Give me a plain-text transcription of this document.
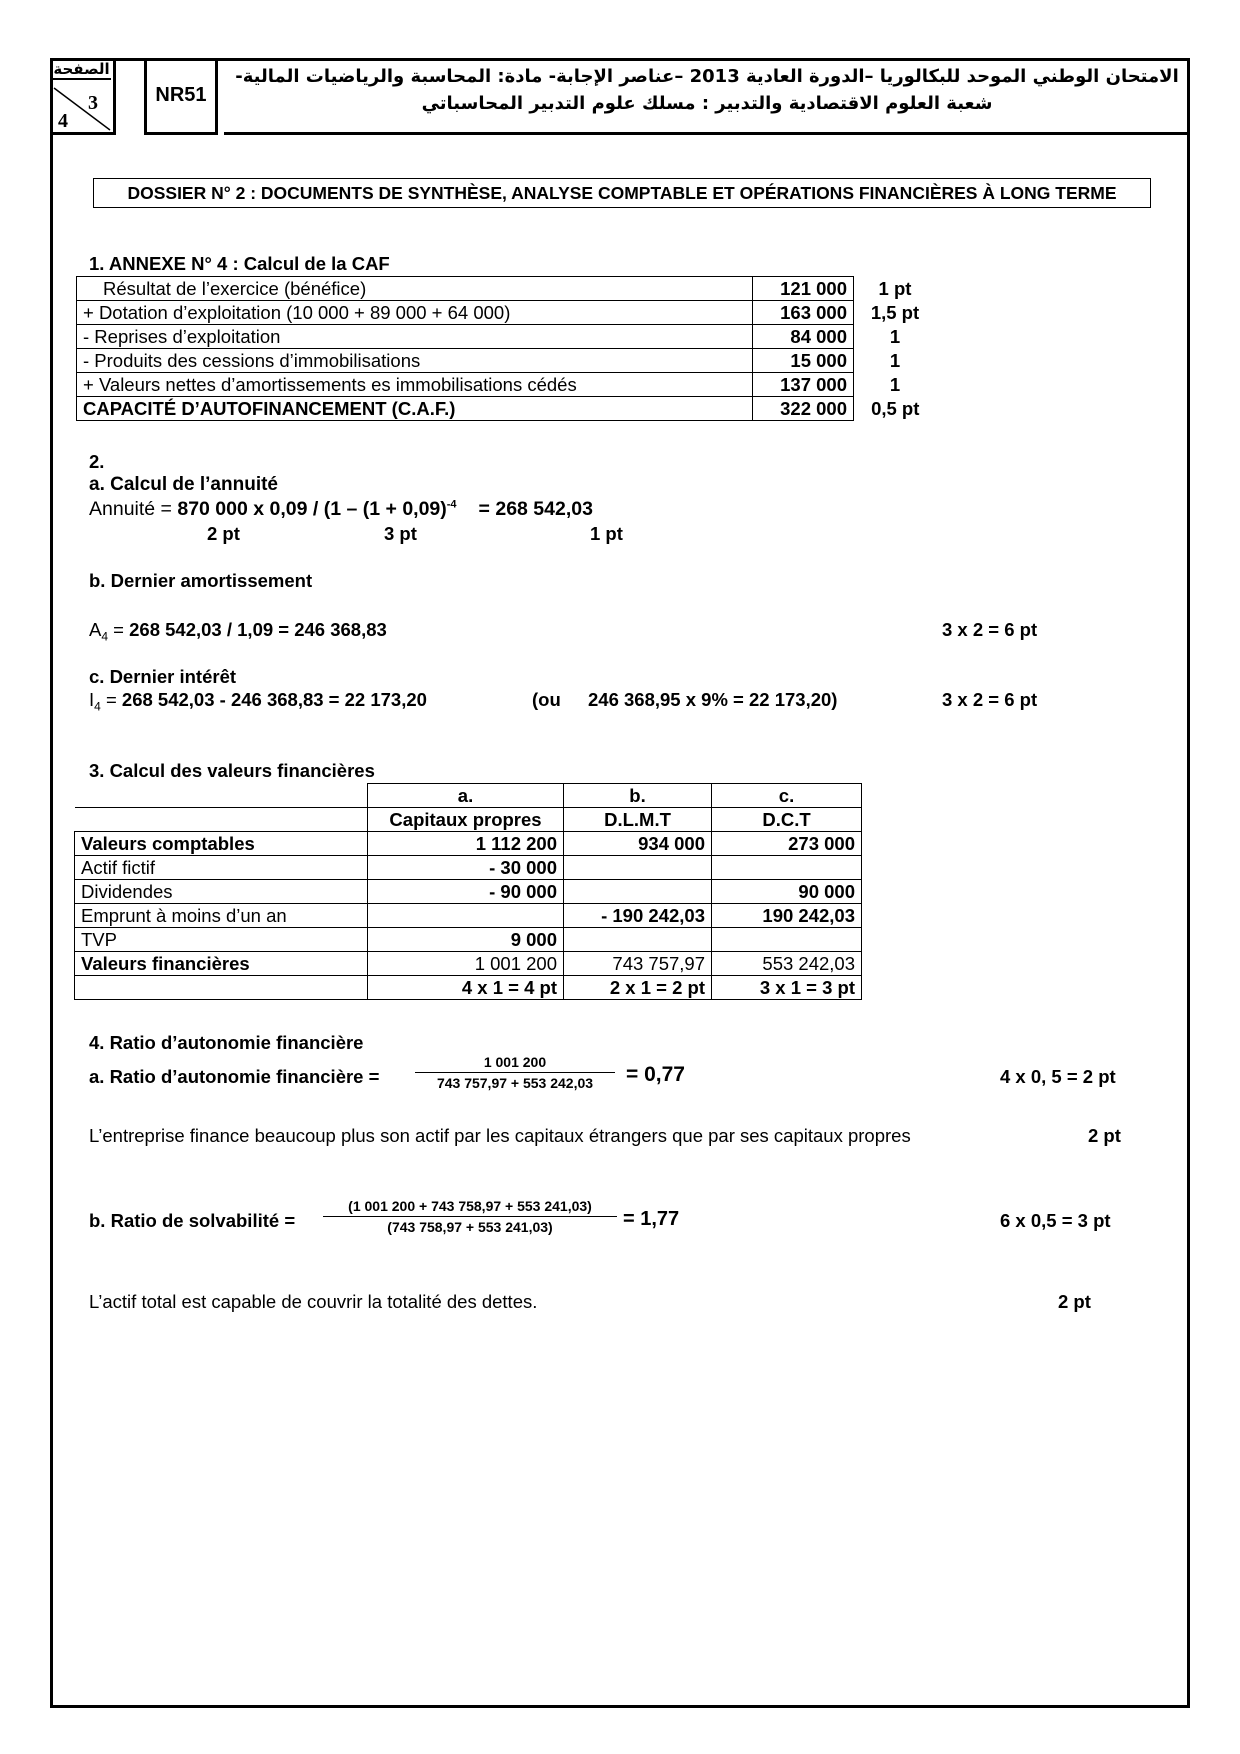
الصفحة
3
4
NR51
الامتحان الوطني الموحد للبكالوريا –الدورة العادية 2013 –عناصر الإجابة- مادة: المحاسبة والرياضيات المالية-
شعبة العلوم الاقتصادية والتدبير : مسلك علوم التدبير المحاسباتي
DOSSIER N° 2 : DOCUMENTS DE SYNTHÈSE, ANALYSE COMPTABLE ET OPÉRATIONS FINANCIÈRES À LONG TERME
1. ANNEXE N° 4 : Calcul de la CAF
Résultat de l’exercice (bénéfice)	121 000	1 pt
+ Dotation d’exploitation (10 000 + 89 000 + 64 000)	163 000	1,5 pt
- Reprises d’exploitation	84 000	1
- Produits des cessions d’immobilisations	15 000	1
+ Valeurs nettes d’amortissements es immobilisations cédés	137 000	1
CAPACITÉ D’AUTOFINANCEMENT (C.A.F.)	322 000	0,5 pt
2.
a. Calcul de l’annuité
Annuité = 870 000 x $0,09 / (1 - (1 + 0,09)^{-4} = 268$ 542,03
2 pt	3 pt	1 pt
b. Dernier amortissement
$A_4 = 268$ 542,03 / 1,09 = 246 368,83	3 x 2 = 6 pt
c. Dernier intérêt
$I_4 = 268$ 542,03 - 246 368,83 = 22 173,20	(ou 246 368,95 x 9% = 22 173,20)	3 x 2 = 6 pt
3. Calcul des valeurs financières
	a.	b.	c.
	Capitaux propres	D.L.M.T	D.C.T
Valeurs comptables	1 112 200	934 000	273 000
Actif fictif	- 30 000		
Dividendes	- 90 000		90 000
Emprunt à moins d’un an		- 190 242,03	190 242,03
TVP	9 000		
Valeurs financières	1 001 200	743 757,97	553 242,03
	4 x 1 = 4 pt	2 x 1 = 2 pt	3 x 1 = 3 pt
4. Ratio d’autonomie financière
a. Ratio d’autonomie financière =	$\frac{1 001 200}{743 757,97 + 553 242,03} = 0,77$	4 x 0, 5 = 2 pt
L’entreprise finance beaucoup plus son actif par les capitaux étrangers que par ses capitaux propres	2 pt
b. Ratio de solvabilité = $\frac{(1 001 200 + 743 758,97 + 553 241,03)}{(743 758,97 + 553 241,03)} = 1,77$	6 x 0,5 = 3 pt
L’actif total est capable de couvrir la totalité des dettes.	2 pt
